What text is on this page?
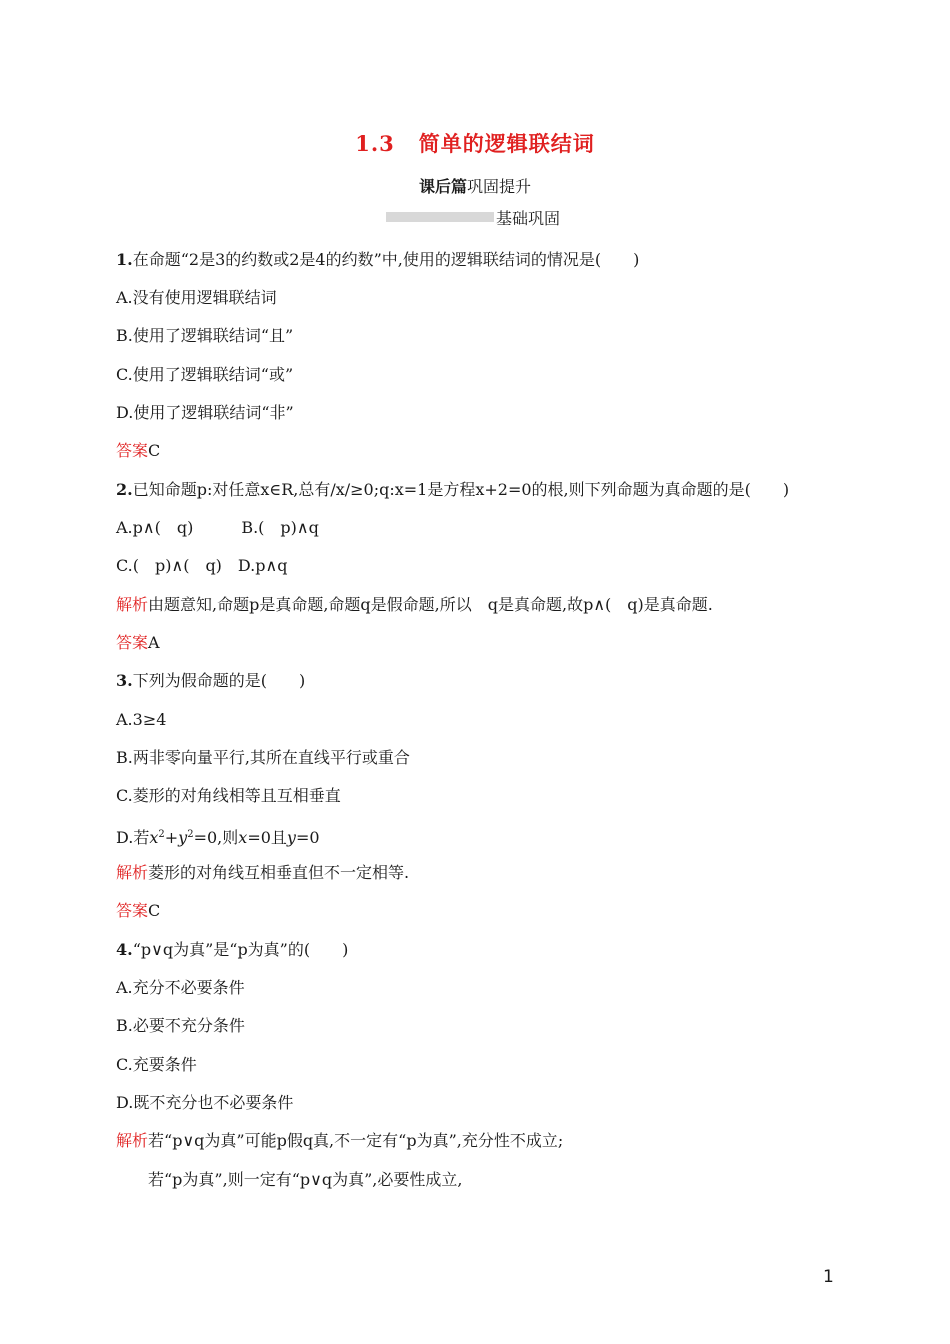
1.3 简单的逻辑联结词
课后篇巩固提升
基础巩固
1.在命题“2是3的约数或2是4的约数”中,使用的逻辑联结词的情况是(　　)
A.没有使用逻辑联结词
B.使用了逻辑联结词“且”
C.使用了逻辑联结词“或”
D.使用了逻辑联结词“非”
答案C
2.已知命题p:对任意x∈R,总有/x/≥0;q:x=1是方程x+2=0的根,则下列命题为真命题的是(　　)
A.p∧(　q)　　　B.(　p)∧q
C.(　p)∧(　q)　D.p∧q
解析由题意知,命题p是真命题,命题q是假命题,所以　q是真命题,故p∧(　q)是真命题.
答案A
3.下列为假命题的是(　　)
A.3≥4
B.两非零向量平行,其所在直线平行或重合
C.菱形的对角线相等且互相垂直
D.若$x^2+y^2=0$,则x=0且y=0
解析菱形的对角线互相垂直但不一定相等.
答案C
4.“p∨q为真”是“p为真”的(　　)
A.充分不必要条件
B.必要不充分条件
C.充要条件
D.既不充分也不必要条件
解析若“p∨q为真”可能p假q真,不一定有“p为真”,充分性不成立;
若“p为真”,则一定有“p∨q为真”,必要性成立,
1
